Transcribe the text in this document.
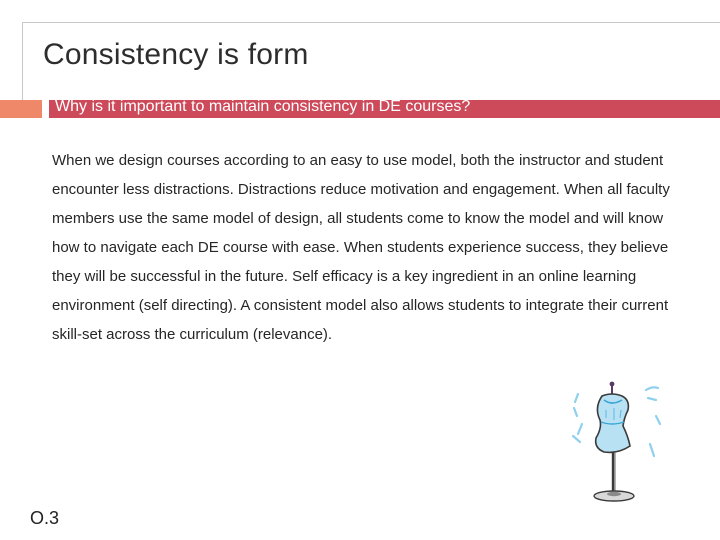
Consistency is form
Why is it important to maintain consistency in DE courses?
When we design courses according to an easy to use model, both the instructor and student encounter less distractions. Distractions reduce motivation and engagement. When all faculty members use the same model of design, all students come to know the model and will know how to navigate each DE course with ease. When students experience success, they believe they will be successful in the future. Self efficacy is a key ingredient in an online learning environment (self directing). A consistent model also allows students to integrate their current skill-set across the curriculum (relevance).
O.3
